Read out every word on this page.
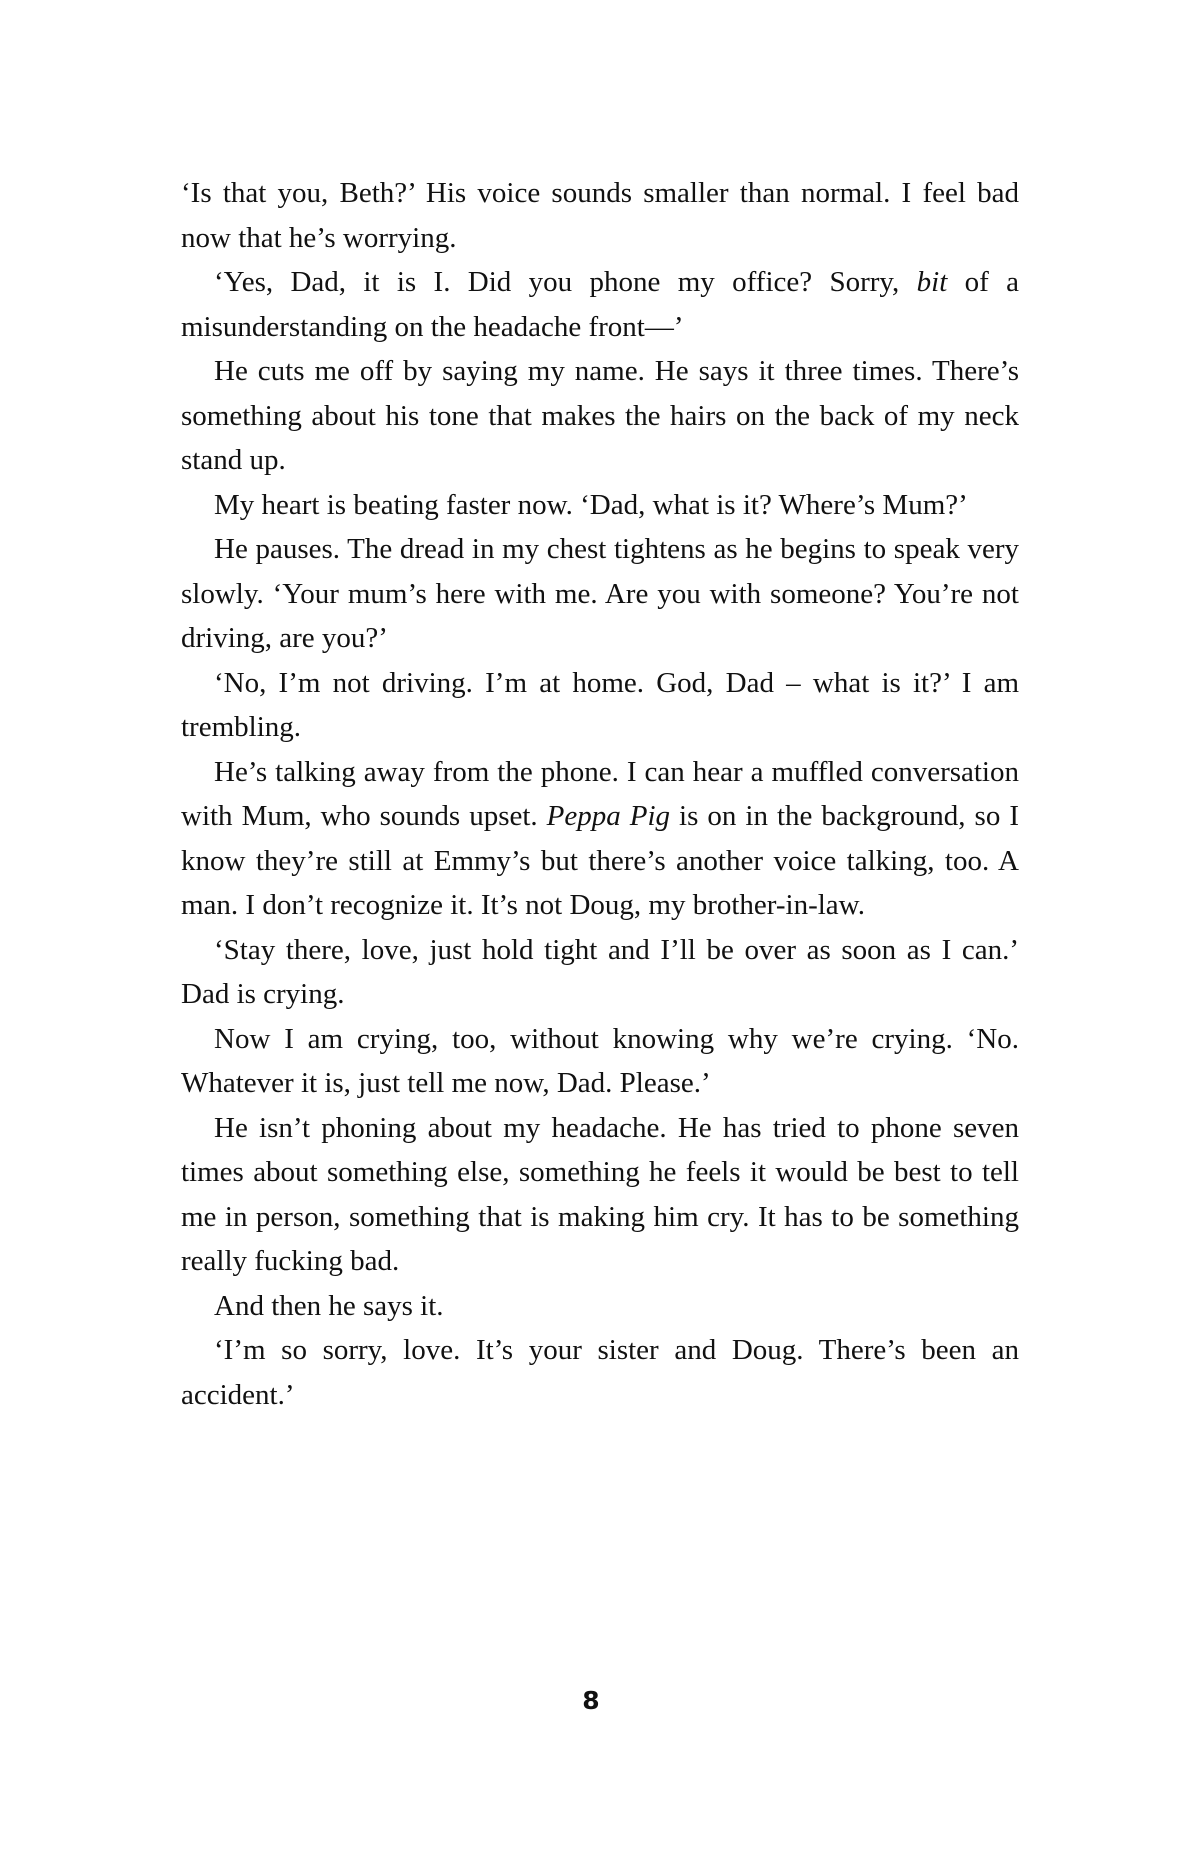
‘Is that you, Beth?’ His voice sounds smaller than normal. I feel bad now that he’s worrying.

‘Yes, Dad, it is I. Did you phone my office? Sorry, bit of a misunderstanding on the headache front—’

He cuts me off by saying my name. He says it three times. There’s something about his tone that makes the hairs on the back of my neck stand up.

My heart is beating faster now. ‘Dad, what is it? Where’s Mum?’

He pauses. The dread in my chest tightens as he begins to speak very slowly. ‘Your mum’s here with me. Are you with someone? You’re not driving, are you?’

‘No, I’m not driving. I’m at home. God, Dad – what is it?’ I am trembling.

He’s talking away from the phone. I can hear a muffled conversation with Mum, who sounds upset. Peppa Pig is on in the background, so I know they’re still at Emmy’s but there’s another voice talking, too. A man. I don’t recognize it. It’s not Doug, my brother-in-law.

‘Stay there, love, just hold tight and I’ll be over as soon as I can.’ Dad is crying.

Now I am crying, too, without knowing why we’re crying. ‘No. Whatever it is, just tell me now, Dad. Please.’

He isn’t phoning about my headache. He has tried to phone seven times about something else, something he feels it would be best to tell me in person, something that is making him cry. It has to be something really fucking bad.

And then he says it.

‘I’m so sorry, love. It’s your sister and Doug. There’s been an accident.’

8
